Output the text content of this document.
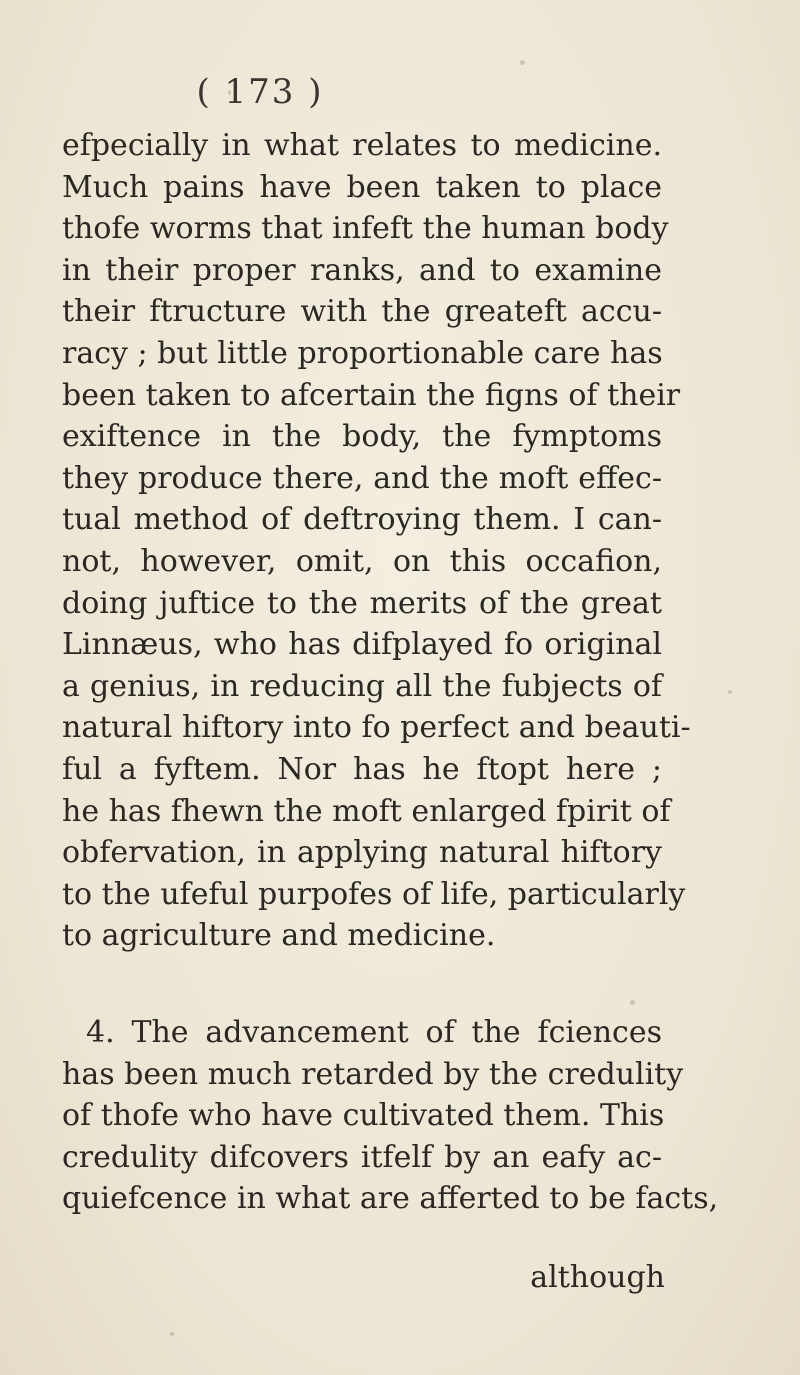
( 173 )
efpecially in what relates to medicine.
Much pains have been taken to place
thofe worms that infeft the human body
in their proper ranks, and to examine
their ftructure with the greateft accu-
racy ; but little proportionable care has
been taken to afcertain the figns of their
exiftence in the body, the fymptoms
they produce there, and the moft effec-
tual method of deftroying them. I can-
not, however, omit, on this occafion,
doing juftice to the merits of the great
Linnæus, who has difplayed fo original
a genius, in reducing all the fubjects of
natural hiftory into fo perfect and beauti-
ful a fyftem. Nor has he ftopt here ;
he has fhewn the moft enlarged fpirit of
obfervation, in applying natural hiftory
to the ufeful purpofes of life, particularly
to agriculture and medicine.
4. The advancement of the fciences
has been much retarded by the credulity
of thofe who have cultivated them. This
credulity difcovers itfelf by an eafy ac-
quiefcence in what are afferted to be facts,
although
